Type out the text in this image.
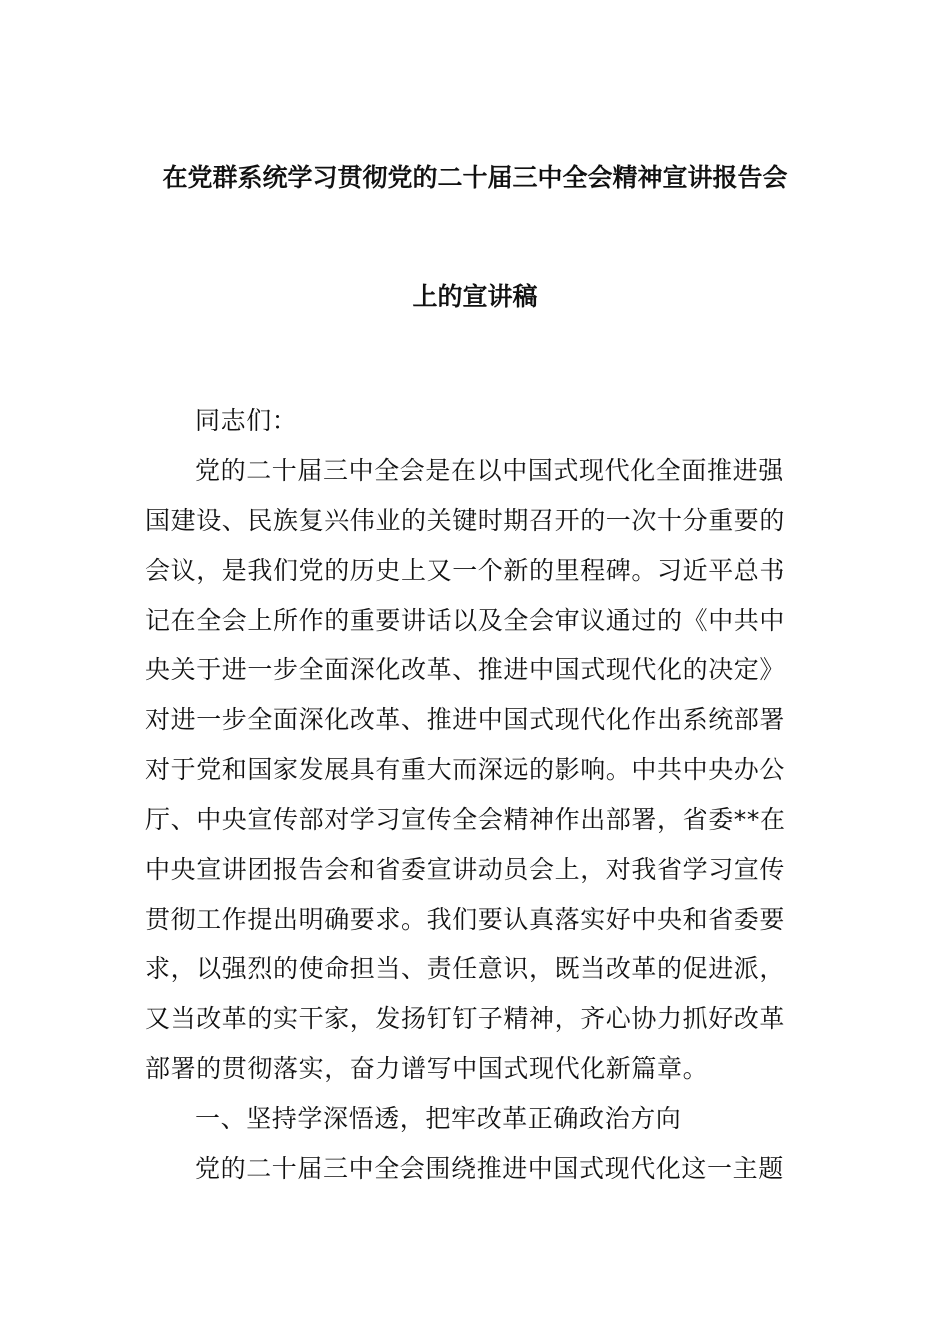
在党群系统学习贯彻党的二十届三中全会精神宣讲报告会
上的宣讲稿
同志们：
党的二十届三中全会是在以中国式现代化全面推进强
国建设、民族复兴伟业的关键时期召开的一次十分重要的
会议，是我们党的历史上又一个新的里程碑。习近平总书
记在全会上所作的重要讲话以及全会审议通过的《中共中
央关于进一步全面深化改革、推进中国式现代化的决定》
对进一步全面深化改革、推进中国式现代化作出系统部署
对于党和国家发展具有重大而深远的影响。中共中央办公
厅、中央宣传部对学习宣传全会精神作出部署，省委**在
中央宣讲团报告会和省委宣讲动员会上，对我省学习宣传
贯彻工作提出明确要求。我们要认真落实好中央和省委要
求，以强烈的使命担当、责任意识，既当改革的促进派，
又当改革的实干家，发扬钉钉子精神，齐心协力抓好改革
部署的贯彻落实，奋力谱写中国式现代化新篇章。
一、坚持学深悟透，把牢改革正确政治方向
党的二十届三中全会围绕推进中国式现代化这一主题
